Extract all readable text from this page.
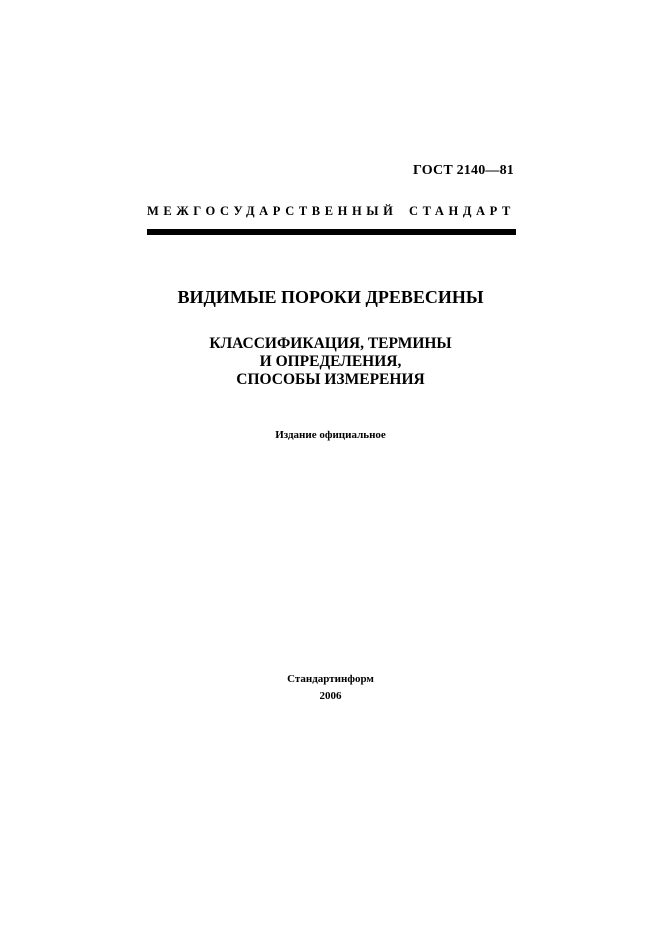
ГОСТ 2140—81
МЕЖГОСУДАРСТВЕННЫЙ СТАНДАРТ
ВИДИМЫЕ ПОРОКИ ДРЕВЕСИНЫ
КЛАССИФИКАЦИЯ, ТЕРМИНЫ
И ОПРЕДЕЛЕНИЯ,
СПОСОБЫ ИЗМЕРЕНИЯ
Издание официальное
Стандартинформ
2006
